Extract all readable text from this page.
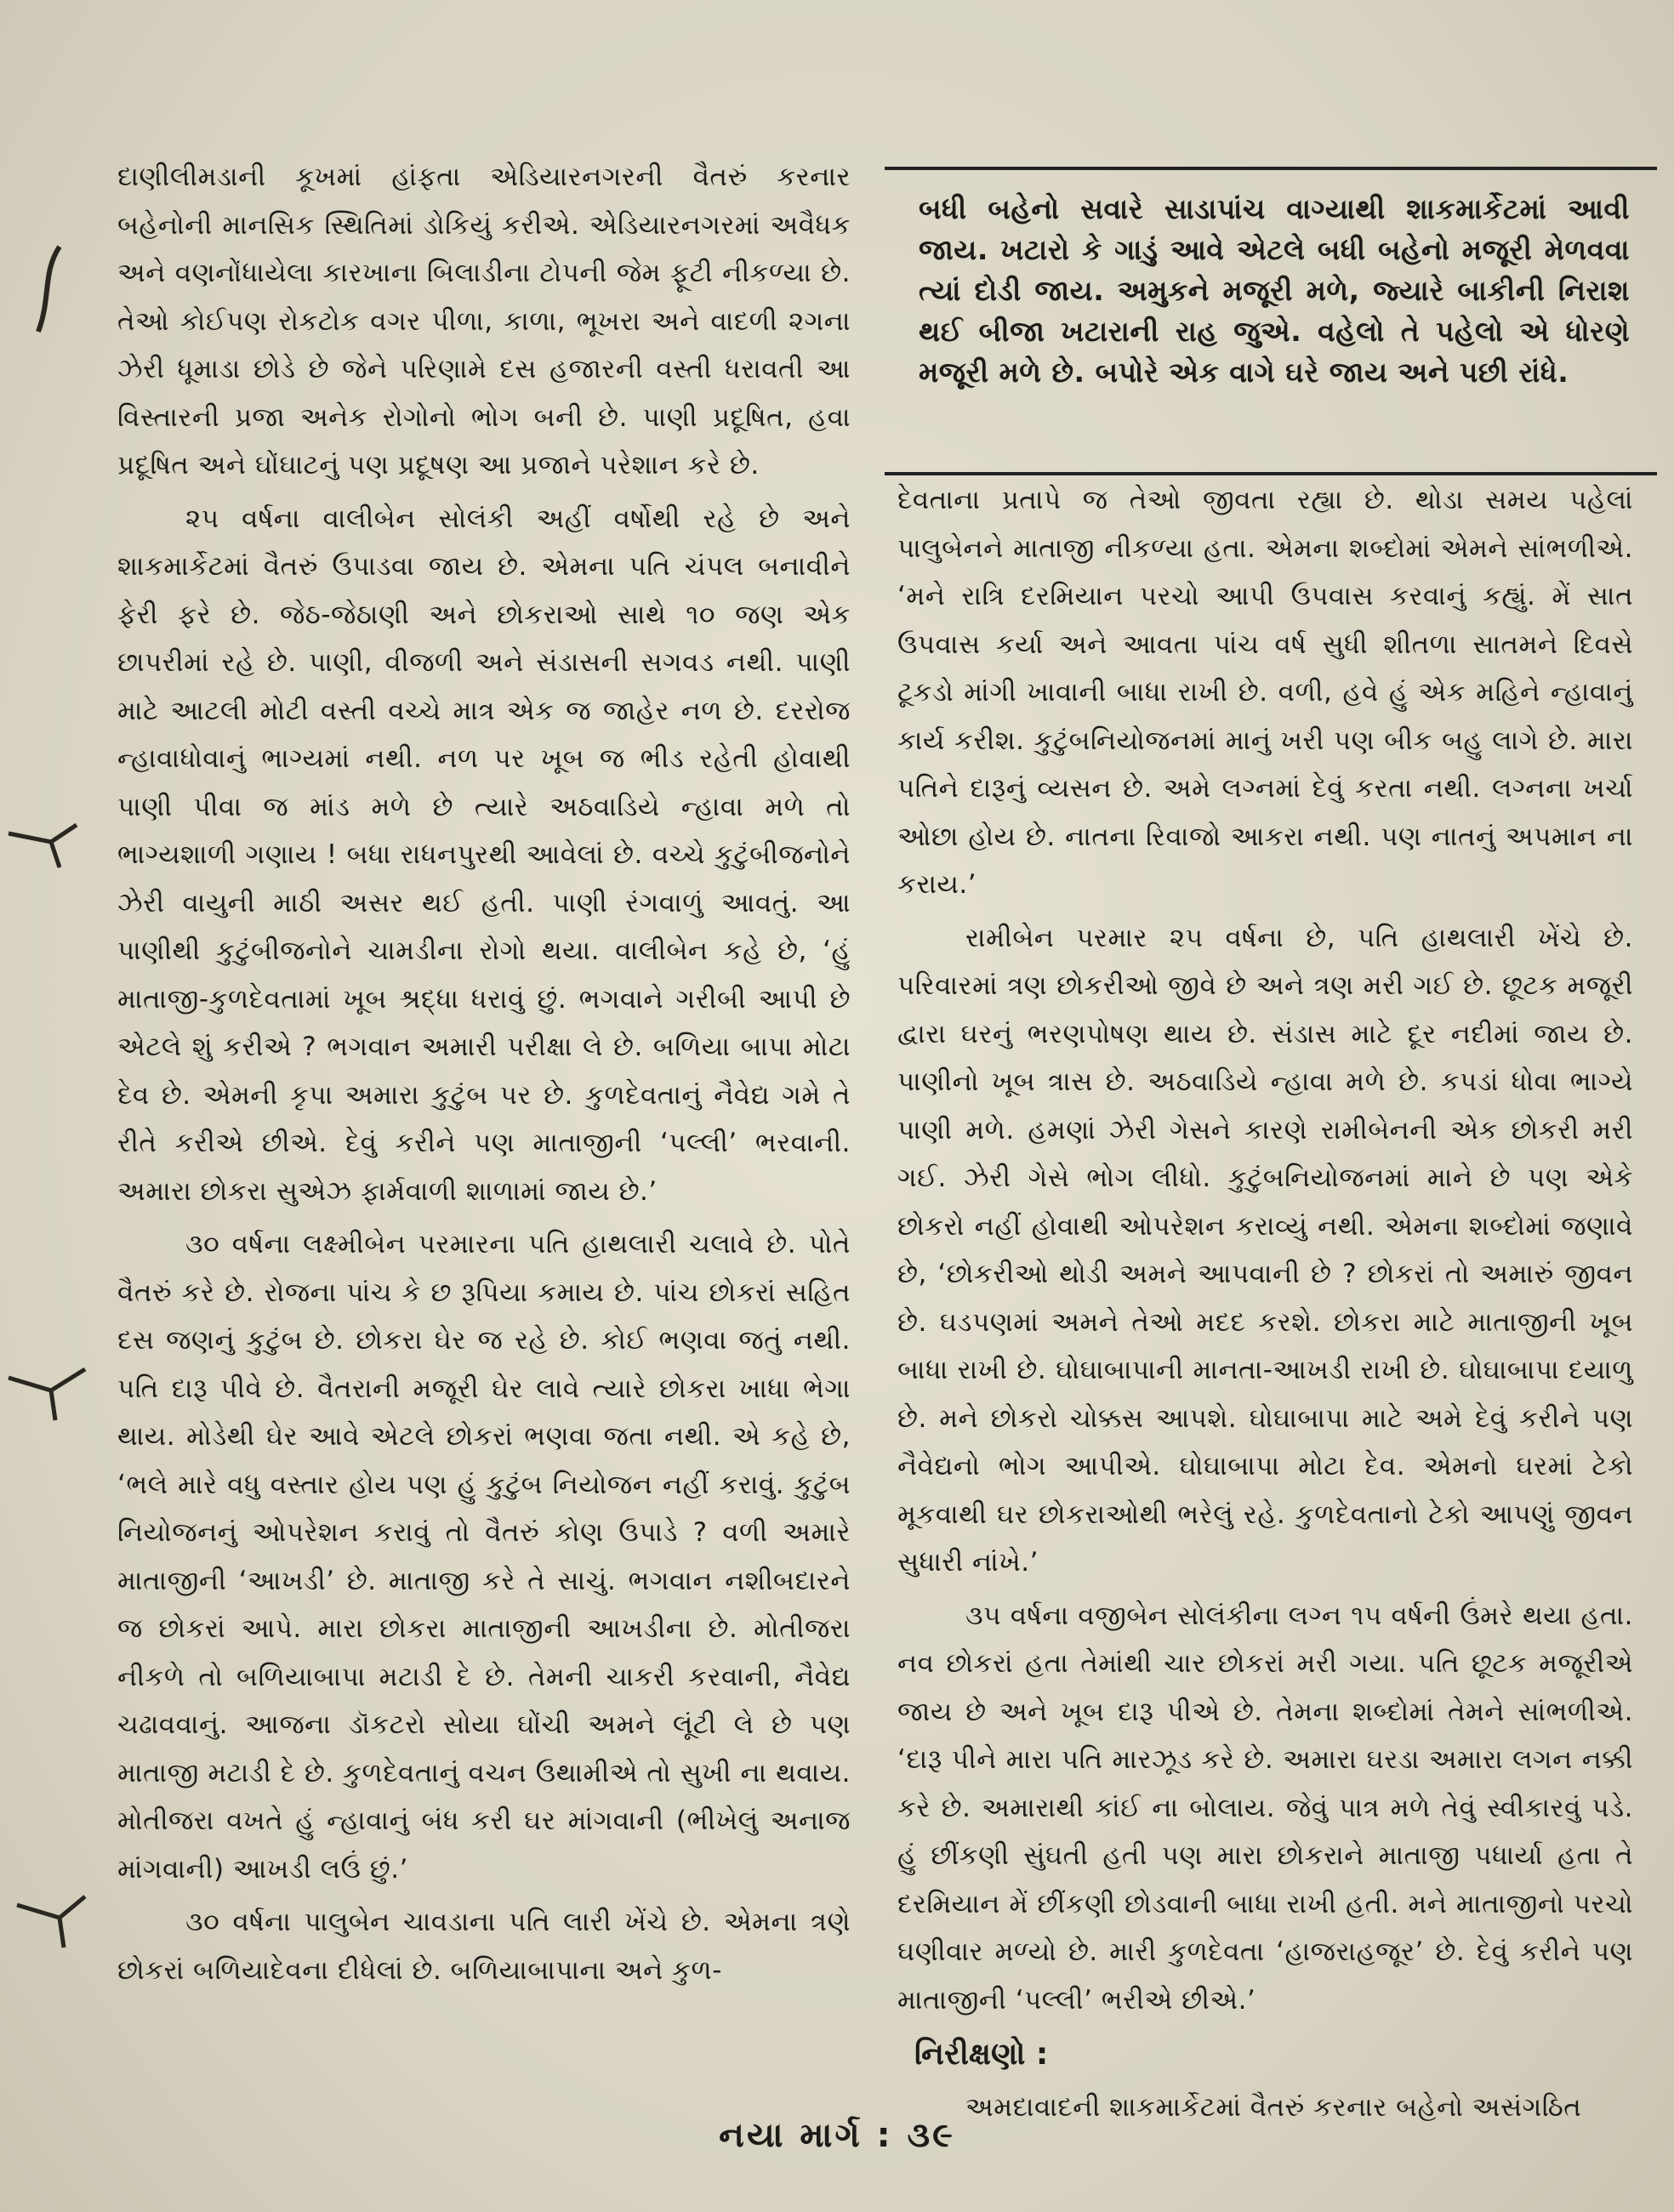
દાણીલીમડાની કૂખમાં હાંફતા એડિયારનગરની વૈતરું કરનાર બહેનોની માનસિક સ્થિતિમાં ડોકિયું કરીએ. એડિયારનગરમાં અવૈધક અને વણનોંધાયેલા કારખાના બિલાડીના ટોપની જેમ ફૂટી નીકળ્યા છે. તેઓ કોઈપણ રોકટોક વગર પીળા, કાળા, ભૂખરા અને વાદળી ૨ગના ઝેરી ધૂમાડા છોડે છે જેને પરિણામે દસ હજારની વસ્તી ધરાવતી આ વિસ્તારની પ્રજા અનેક રોગોનો ભોગ બની છે. પાણી પ્રદૂષિત, હવા પ્રદૂષિત અને ઘોંઘાટનું પણ પ્રદૂષણ આ પ્રજાને પરેશાન કરે છે.

૨૫ વર્ષના વાલીબેન સોલંકી અહીં વર્ષોથી રહે છે અને શાકમાર્કેટમાં વૈતરું ઉપાડવા જાય છે. એમના પતિ ચંપલ બનાવીને ફેરી ફરે છે. જેઠ-જેઠાણી અને છોકરાઓ સાથે ૧૦ જણ એક છાપરીમાં રહે છે. પાણી, વીજળી અને સંડાસની સગવડ નથી. પાણી માટે આટલી મોટી વસ્તી વચ્ચે માત્ર એક જ જાહેર નળ છે. દરરોજ ન્હાવાધોવાનું ભાગ્યમાં નથી. નળ પર ખૂબ જ ભીડ રહેતી હોવાથી પાણી પીવા જ માંડ મળે છે ત્યારે અઠવાડિયે ન્હાવા મળે તો ભાગ્યશાળી ગણાય ! બધા રાધનપુરથી આવેલાં છે. વચ્ચે કુટુંબીજનોને ઝેરી વાયુની માઠી અસર થઈ હતી. પાણી રંગવાળું આવતું. આ પાણીથી કુટુંબીજનોને ચામડીના રોગો થયા. વાલીબેન કહે છે, ‘હું માતાજી-કુળદેવતામાં ખૂબ શ્રદ્ધા ધરાવું છું. ભગવાને ગરીબી આપી છે એટલે શું કરીએ ? ભગવાન અમારી પરીક્ષા લે છે. બળિયા બાપા મોટા દેવ છે. એમની કૃપા અમારા કુટુંબ પર છે. કુળદેવતાનું નૈવેદ્ય ગમે તે રીતે કરીએ છીએ. દેવું કરીને પણ માતાજીની ‘પલ્લી’ ભરવાની. અમારા છોકરા સુએઝ ફાર્મવાળી શાળામાં જાય છે.’

૩૦ વર્ષના લક્ષ્મીબેન પરમારના પતિ હાથલારી ચલાવે છે. પોતે વૈતરું કરે છે. રોજના પાંચ કે છ રૂપિયા કમાય છે. પાંચ છોકરાં સહિત દસ જણનું કુટુંબ છે. છોકરા ઘેર જ રહે છે. કોઈ ભણવા જતું નથી. પતિ દારૂ પીવે છે. વૈતરાની મજૂરી ઘેર લાવે ત્યારે છોકરા ખાધા ભેગા થાય. મોડેથી ઘેર આવે એટલે છોકરાં ભણવા જતા નથી. એ કહે છે, ‘ભલે મારે વધુ વસ્તાર હોય પણ હું કુટુંબ નિયોજન નહીં કરાવું. કુટુંબ નિયોજનનું ઓપરેશન કરાવું તો વૈતરું કોણ ઉપાડે ? વળી અમારે માતાજીની ‘આખડી’ છે. માતાજી કરે તે સાચું. ભગવાન નશીબદારને જ છોકરાં આપે. મારા છોકરા માતાજીની આખડીના છે. મોતીજરા નીકળે તો બળિયાબાપા મટાડી દે છે. તેમની ચાકરી કરવાની, નૈવેદ્ય ચઢાવવાનું. આજના ડૉકટરો સોયા ઘોંચી અમને લૂંટી લે છે પણ માતાજી મટાડી દે છે. કુળદેવતાનું વચન ઉથામીએ તો સુખી ના થવાય. મોતીજરા વખતે હું ન્હાવાનું બંધ કરી ઘર માંગવાની (ભીખેલું અનાજ માંગવાની) આખડી લઉં છું.’

૩૦ વર્ષના પાલુબેન ચાવડાના પતિ લારી ખેંચે છે. એમના ત્રણે છોકરાં બળિયાદેવના દીધેલાં છે. બળિયાબાપાના અને કુળ-

બધી બહેનો સવારે સાડાપાંચ વાગ્યાથી શાકમાર્કેટમાં આવી જાય. ખટારો કે ગાડું આવે એટલે બધી બહેનો મજૂરી મેળવવા ત્યાં દોડી જાય. અમુકને મજૂરી મળે, જ્યારે બાકીની નિરાશ થઈ બીજા ખટારાની રાહ જુએ. વહેલો તે પહેલો એ ધોરણે મજૂરી મળે છે. બપોરે એક વાગે ઘરે જાય અને પછી રાંધે.

દેવતાના પ્રતાપે જ તેઓ જીવતા રહ્યા છે. થોડા સમય પહેલાં પાલુબેનને માતાજી નીકળ્યા હતા. એમના શબ્દોમાં એમને સાંભળીએ. ‘મને રાત્રિ દરમિયાન પરચો આપી ઉપવાસ કરવાનું કહ્યું. મેં સાત ઉપવાસ કર્યા અને આવતા પાંચ વર્ષ સુધી શીતળા સાતમને દિવસે ટૂકડો માંગી ખાવાની બાધા રાખી છે. વળી, હવે હું એક મહિને ન્હાવાનું કાર્ય કરીશ. કુટુંબનિયોજનમાં માનું ખરી પણ બીક બહુ લાગે છે. મારા પતિને દારૂનું વ્યસન છે. અમે લગ્નમાં દેવું કરતા નથી. લગ્નના ખર્ચા ઓછા હોય છે. નાતના રિવાજો આકરા નથી. પણ નાતનું અપમાન ના કરાય.’

રામીબેન પરમાર ૨૫ વર્ષના છે, પતિ હાથલારી ખેંચે છે. પરિવારમાં ત્રણ છોકરીઓ જીવે છે અને ત્રણ મરી ગઈ છે. છૂટક મજૂરી દ્વારા ઘરનું ભરણપોષણ થાય છે. સંડાસ માટે દૂર નદીમાં જાય છે. પાણીનો ખૂબ ત્રાસ છે. અઠવાડિયે ન્હાવા મળે છે. કપડાં ધોવા ભાગ્યે પાણી મળે. હમણાં ઝેરી ગેસને કારણે રામીબેનની એક છોકરી મરી ગઈ. ઝેરી ગેસે ભોગ લીધો. કુટુંબનિયોજનમાં માને છે પણ એકે છોકરો નહીં હોવાથી ઓપરેશન કરાવ્યું નથી. એમના શબ્દોમાં જણાવે છે, ‘છોકરીઓ થોડી અમને આપવાની છે ? છોકરાં તો અમારું જીવન છે. ઘડપણમાં અમને તેઓ મદદ કરશે. છોકરા માટે માતાજીની ખૂબ બાધા રાખી છે. ઘોઘાબાપાની માનતા-આખડી રાખી છે. ઘોઘાબાપા દયાળુ છે. મને છોકરો ચોક્કસ આપશે. ઘોઘાબાપા માટે અમે દેવું કરીને પણ નૈવેદ્યનો ભોગ આપીએ. ઘોઘાબાપા મોટા દેવ. એમનો ઘરમાં ટેકો મૂકવાથી ઘર છોકરાઓથી ભરેલું રહે. કુળદેવતાનો ટેકો આપણું જીવન સુધારી નાંખે.’

૩૫ વર્ષના વજીબેન સોલંકીના લગ્ન ૧૫ વર્ષની ઉંમરે થયા હતા. નવ છોકરાં હતા તેમાંથી ચાર છોકરાં મરી ગયા. પતિ છૂટક મજૂરીએ જાય છે અને ખૂબ દારૂ પીએ છે. તેમના શબ્દોમાં તેમને સાંભળીએ. ‘દારૂ પીને મારા પતિ મારઝૂડ કરે છે. અમારા ઘરડા અમારા લગન નક્કી કરે છે. અમારાથી કાંઈ ના બોલાય. જેવું પાત્ર મળે તેવું સ્વીકારવું પડે. હું છીંકણી સુંઘતી હતી પણ મારા છોકરાને માતાજી પધાર્યા હતા તે દરમિયાન મેં છીંકણી છોડવાની બાધા રાખી હતી. મને માતાજીનો પરચો ઘણીવાર મળ્યો છે. મારી કુળદેવતા ‘હાજરાહજૂર’ છે. દેવું કરીને પણ માતાજીની ‘પલ્લી’ ભરીએ છીએ.’

નિરીક્ષણો :

અમદાવાદની શાકમાર્કેટમાં વૈતરું કરનાર બહેનો અસંગઠિત

નયા માર્ગ : ૩૯
